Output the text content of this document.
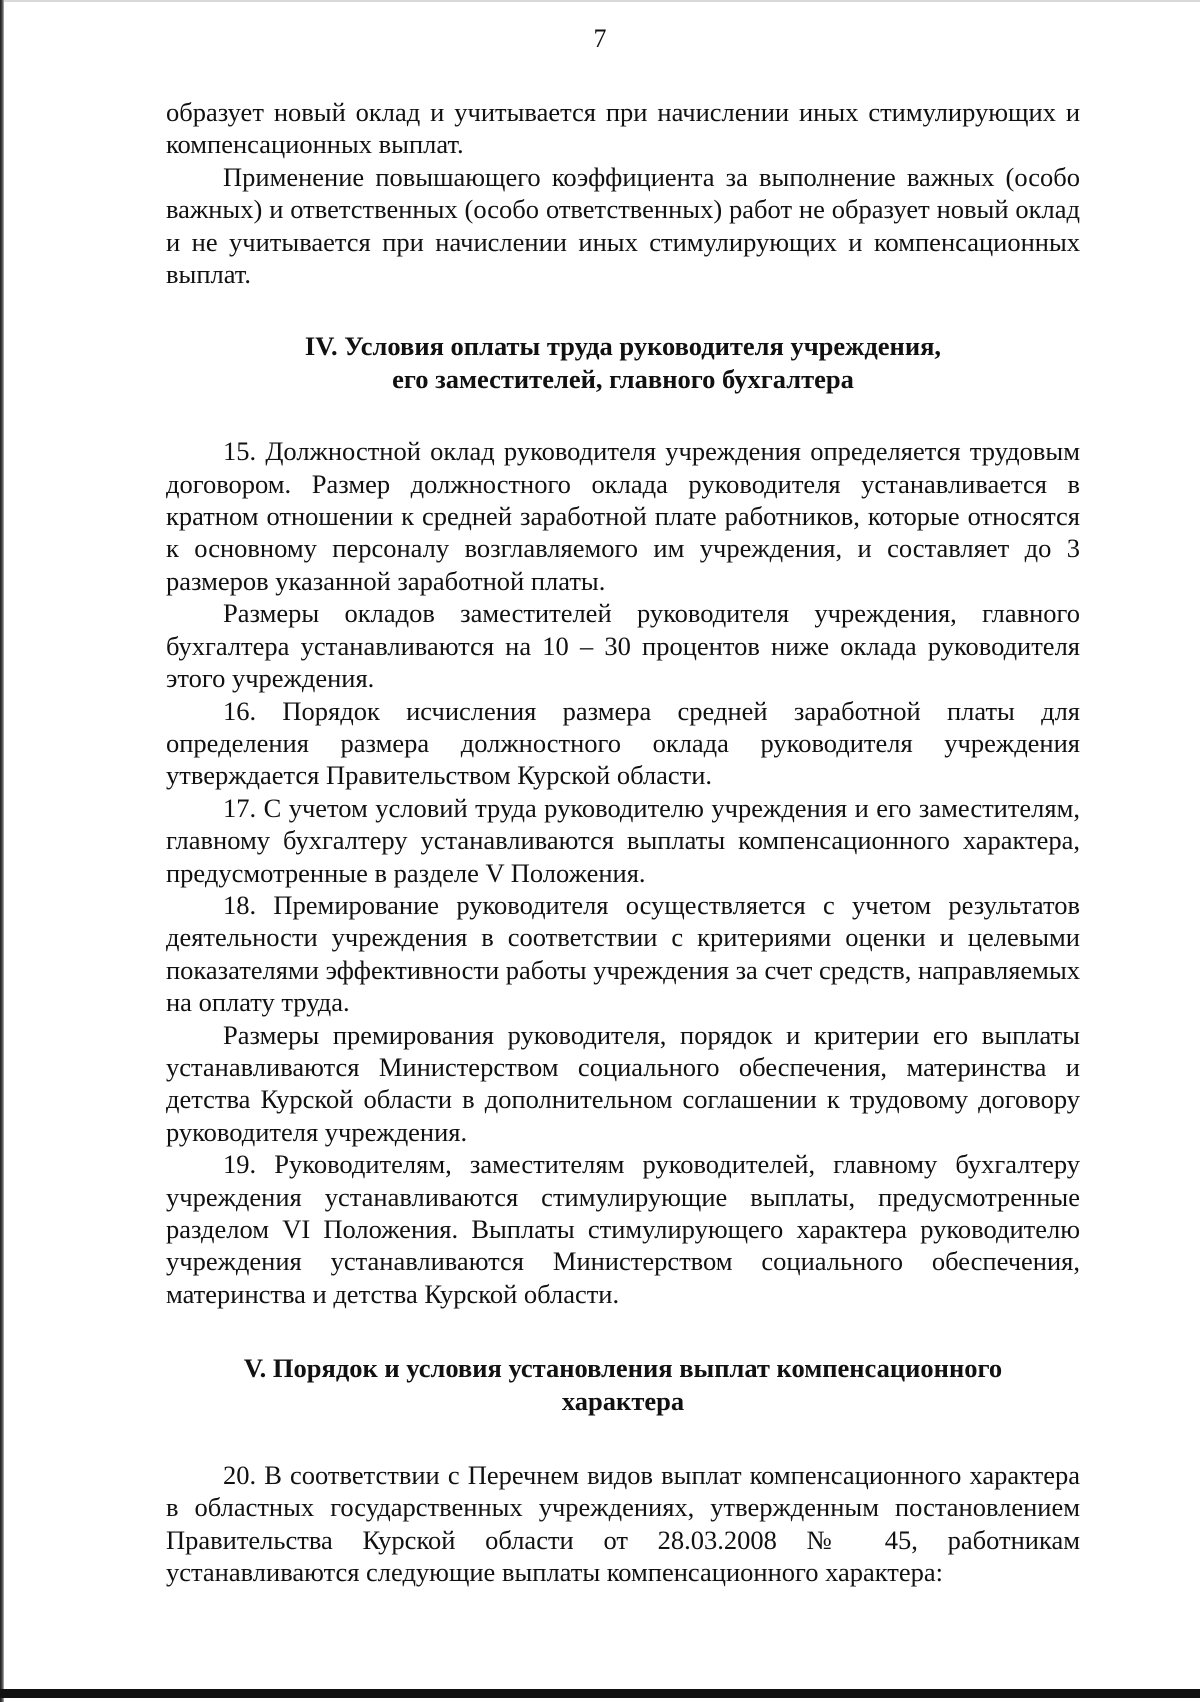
7

образует новый оклад и учитывается при начислении иных стимулирующих и компенсационных выплат.

Применение повышающего коэффициента за выполнение важных (особо важных) и ответственных (особо ответственных) работ не образует новый оклад и не учитывается при начислении иных стимулирующих и компенсационных выплат.

IV. Условия оплаты труда руководителя учреждения,
его заместителей, главного бухгалтера

15. Должностной оклад руководителя учреждения определяется трудовым договором. Размер должностного оклада руководителя устанавливается в кратном отношении к средней заработной плате работников, которые относятся к основному персоналу возглавляемого им учреждения, и составляет до 3 размеров указанной заработной платы.

Размеры окладов заместителей руководителя учреждения, главного бухгалтера устанавливаются на 10 – 30 процентов ниже оклада руководителя этого учреждения.

16. Порядок исчисления размера средней заработной платы для определения размера должностного оклада руководителя учреждения утверждается Правительством Курской области.

17. С учетом условий труда руководителю учреждения и его заместителям, главному бухгалтеру устанавливаются выплаты компенсационного характера, предусмотренные в разделе V Положения.

18. Премирование руководителя осуществляется с учетом результатов деятельности учреждения в соответствии с критериями оценки и целевыми показателями эффективности работы учреждения за счет средств, направляемых на оплату труда.

Размеры премирования руководителя, порядок и критерии его выплаты устанавливаются Министерством социального обеспечения, материнства и детства Курской области в дополнительном соглашении к трудовому договору руководителя учреждения.

19. Руководителям, заместителям руководителей, главному бухгалтеру учреждения устанавливаются стимулирующие выплаты, предусмотренные разделом VI Положения. Выплаты стимулирующего характера руководителю учреждения устанавливаются Министерством социального обеспечения, материнства и детства Курской области.

V. Порядок и условия установления выплат компенсационного
характера

20. В соответствии с Перечнем видов выплат компенсационного характера в областных государственных учреждениях, утвержденным постановлением Правительства Курской области от 28.03.2008 № 45, работникам устанавливаются следующие выплаты компенсационного характера:
